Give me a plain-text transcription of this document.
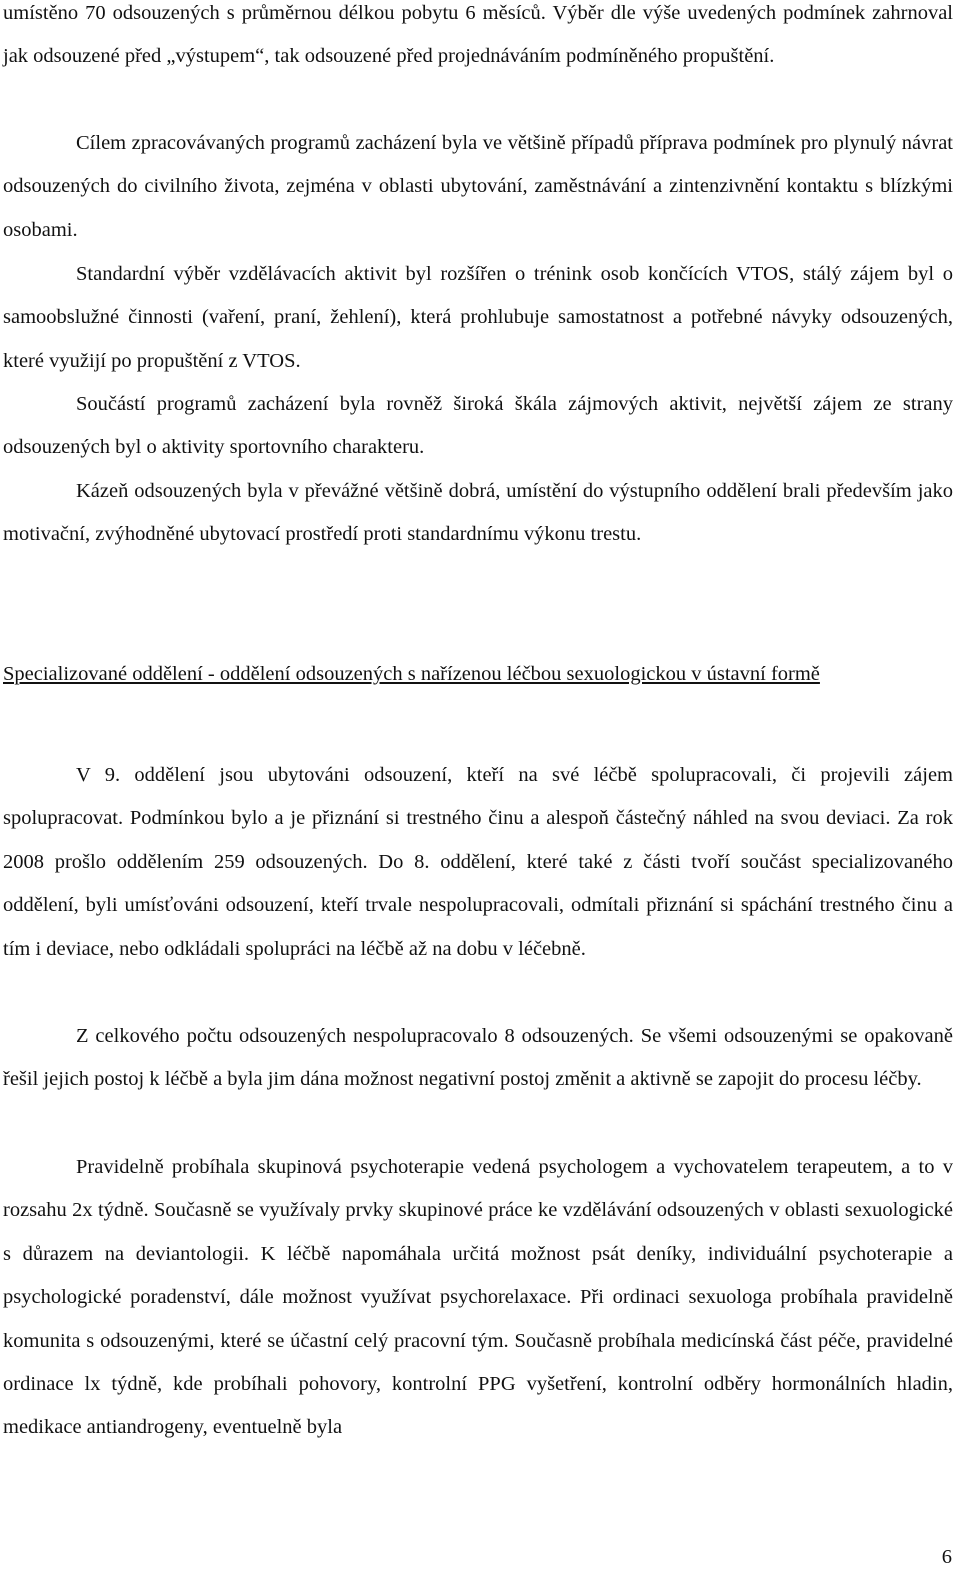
umístěno 70 odsouzených s průměrnou délkou pobytu 6 měsíců. Výběr dle výše uvedených podmínek zahrnoval jak odsouzené před „výstupem“, tak odsouzené před projednáváním podmíněného propuštění.

Cílem zpracovávaných programů zacházení byla ve většině případů příprava podmínek pro plynulý návrat odsouzených do civilního života, zejména v oblasti ubytování, zaměstnávání a zintenzivnění kontaktu s blízkými osobami.

Standardní výběr vzdělávacích aktivit byl rozšířen o trénink osob končících VTOS, stálý zájem byl o samoobslužné činnosti (vaření, praní, žehlení), která prohlubuje samostatnost a potřebné návyky odsouzených, které využijí po propuštění z VTOS.

Součástí programů zacházení byla rovněž široká škála zájmových aktivit, největší zájem ze strany odsouzených byl o aktivity sportovního charakteru.

Kázeň odsouzených byla v převážné většině dobrá, umístění do výstupního oddělení brali především jako motivační, zvýhodněné ubytovací prostředí proti standardnímu výkonu trestu.

Specializované oddělení - oddělení odsouzených s nařízenou léčbou sexuologickou v ústavní formě

V 9. oddělení jsou ubytováni odsouzení, kteří na své léčbě spolupracovali, či projevili zájem spolupracovat. Podmínkou bylo a je přiznání si trestného činu a alespoň částečný náhled na svou deviaci. Za rok 2008 prošlo oddělením 259 odsouzených. Do 8. oddělení, které také z části tvoří součást specializovaného oddělení, byli umísťováni odsouzení, kteří trvale nespolupracovali, odmítali přiznání si spáchání trestného činu a tím i deviace, nebo odkládali spolupráci na léčbě až na dobu v léčebně.

Z celkového počtu odsouzených nespolupracovalo 8 odsouzených. Se všemi odsouzenými se opakovaně řešil jejich postoj k léčbě a byla jim dána možnost negativní postoj změnit a aktivně se zapojit do procesu léčby.

Pravidelně probíhala skupinová psychoterapie vedená psychologem a vychovatelem terapeutem, a to v rozsahu 2x týdně. Současně se využívaly prvky skupinové práce ke vzdělávání odsouzených v oblasti sexuologické s důrazem na deviantologii. K léčbě napomáhala určitá možnost psát deníky, individuální psychoterapie a psychologické poradenství, dále možnost využívat psychorelaxace. Při ordinaci sexuologa probíhala pravidelně komunita s odsouzenými, které se účastní celý pracovní tým. Současně probíhala medicínská část péče, pravidelné ordinace lx týdně, kde probíhali pohovory, kontrolní PPG vyšetření, kontrolní odběry hormonálních hladin, medikace antiandrogeny, eventuelně byla

6
